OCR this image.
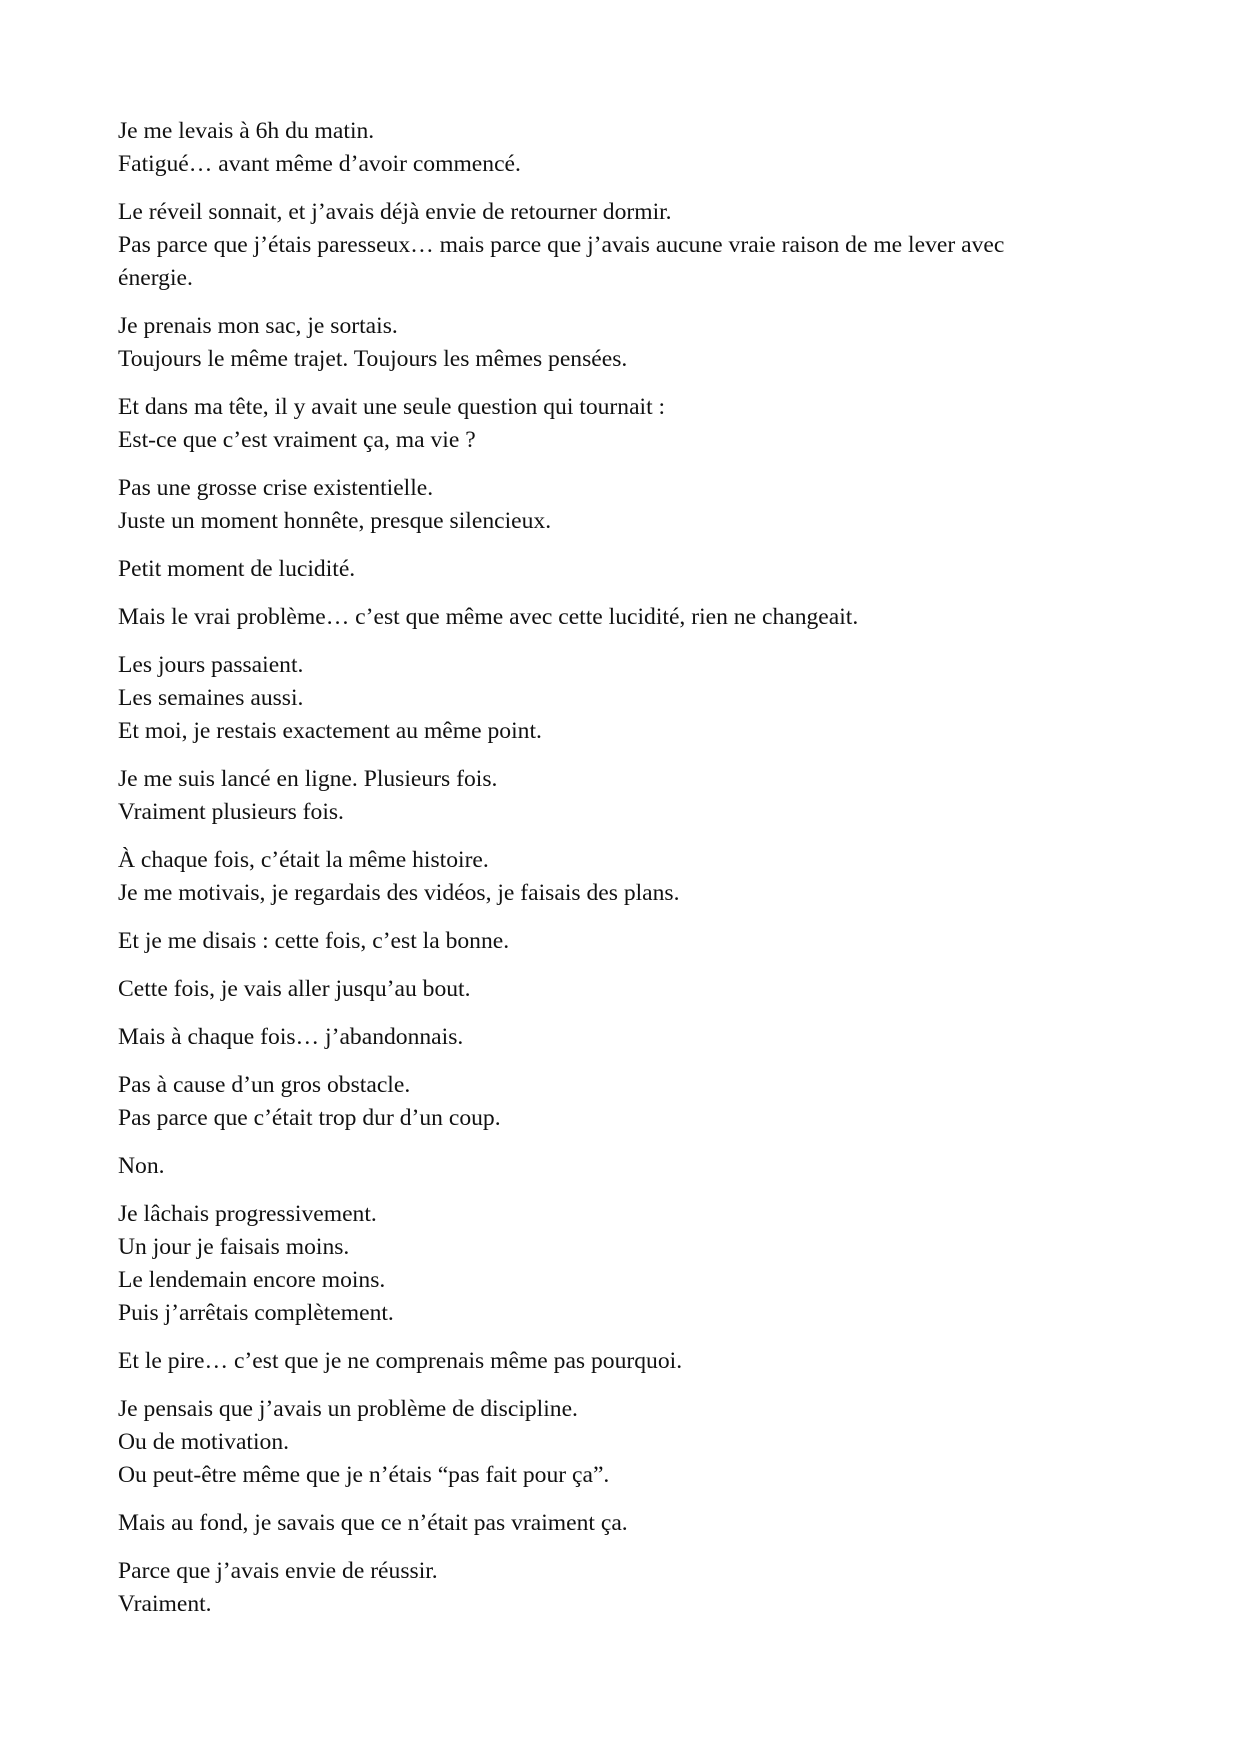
Je me levais à 6h du matin.
Fatigué… avant même d’avoir commencé.

Le réveil sonnait, et j’avais déjà envie de retourner dormir.
Pas parce que j’étais paresseux… mais parce que j’avais aucune vraie raison de me lever avec
énergie.

Je prenais mon sac, je sortais.
Toujours le même trajet. Toujours les mêmes pensées.

Et dans ma tête, il y avait une seule question qui tournait :
Est-ce que c’est vraiment ça, ma vie ?

Pas une grosse crise existentielle.
Juste un moment honnête, presque silencieux.

Petit moment de lucidité.

Mais le vrai problème… c’est que même avec cette lucidité, rien ne changeait.

Les jours passaient.
Les semaines aussi.
Et moi, je restais exactement au même point.

Je me suis lancé en ligne. Plusieurs fois.
Vraiment plusieurs fois.

À chaque fois, c’était la même histoire.
Je me motivais, je regardais des vidéos, je faisais des plans.

Et je me disais : cette fois, c’est la bonne.

Cette fois, je vais aller jusqu’au bout.

Mais à chaque fois… j’abandonnais.

Pas à cause d’un gros obstacle.
Pas parce que c’était trop dur d’un coup.

Non.

Je lâchais progressivement.
Un jour je faisais moins.
Le lendemain encore moins.
Puis j’arrêtais complètement.

Et le pire… c’est que je ne comprenais même pas pourquoi.

Je pensais que j’avais un problème de discipline.
Ou de motivation.
Ou peut-être même que je n’étais “pas fait pour ça”.

Mais au fond, je savais que ce n’était pas vraiment ça.

Parce que j’avais envie de réussir.
Vraiment.
